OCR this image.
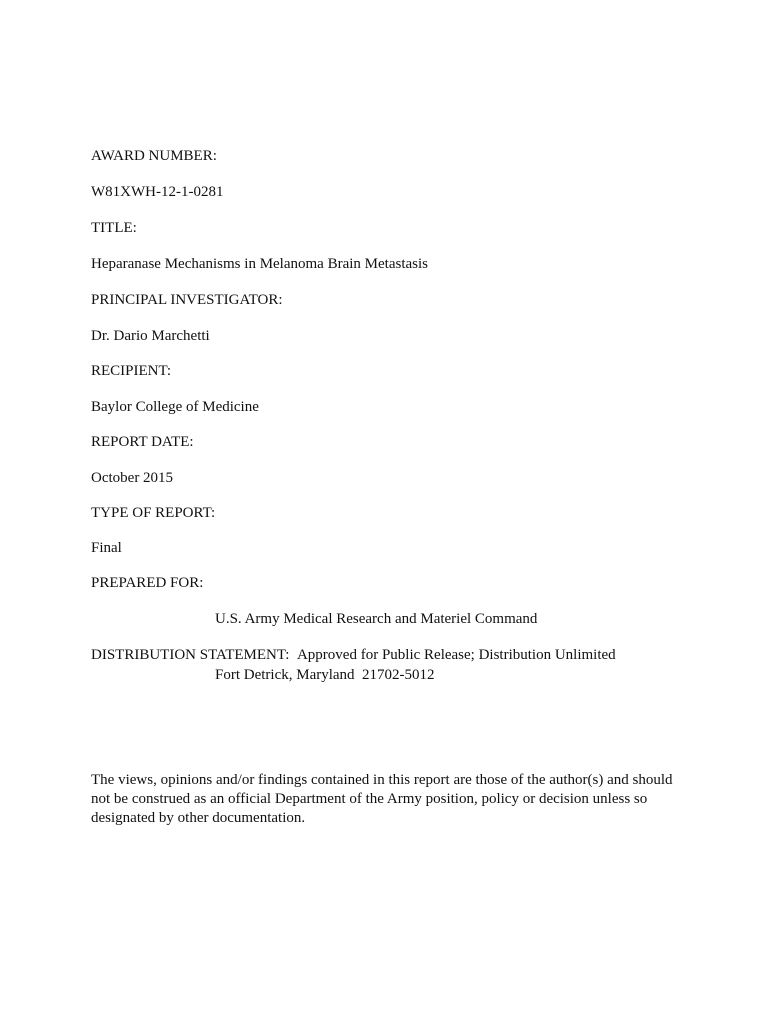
AWARD NUMBER:
W81XWH-12-1-0281
TITLE:
Heparanase Mechanisms in Melanoma Brain Metastasis
PRINCIPAL INVESTIGATOR:
Dr. Dario Marchetti
RECIPIENT:
Baylor College of Medicine
REPORT DATE:
October 2015
TYPE OF REPORT:
Final
PREPARED FOR:

U.S. Army Medical Research and Materiel Command

Fort Detrick, Maryland  21702-5012

DISTRIBUTION STATEMENT: Approved for Public Release; Distribution Unlimited
The views, opinions and/or findings contained in this report are those of the author(s) and should not be construed as an official Department of the Army position, policy or decision unless so designated by other documentation.
